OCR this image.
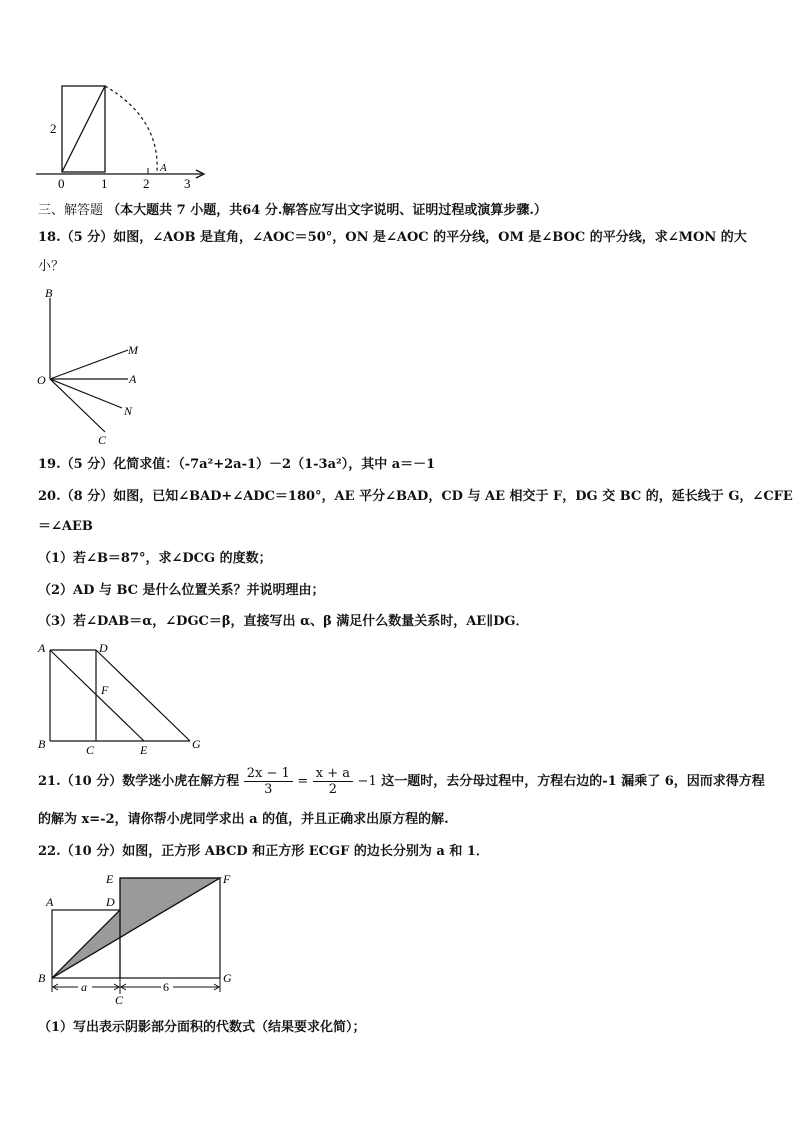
2
0	1	2	3
A
三、解答题 （本大题共 7 小题，共64 分.解答应写出文字说明、证明过程或演算步骤.）
18.（5 分）如图，∠AOB 是直角，∠AOC＝50°，ON 是∠AOC 的平分线，OM 是∠BOC 的平分线，求∠MON 的大
小？
B
M
O	A
N
C
19.（5 分）化简求值：（-7a²+2a-1）－2（1-3a²），其中 a＝－1
20.（8 分）如图，已知∠BAD+∠ADC＝180°，AE 平分∠BAD，CD 与 AE 相交于 F，DG 交 BC 的，延长线于 G，∠CFE
＝∠AEB
（1）若∠B＝87°，求∠DCG 的度数；
（2）AD 与 BC 是什么位置关系？并说明理由；
（3）若∠DAB＝α，∠DGC＝β，直接写出 α、β 满足什么数量关系时，AE∥DG．
A	D
F
B	C	E	G
21.（10 分）数学迷小虎在解方程 $\frac{2x - 1}{3} = \frac{x + a}{2} -1$ 这一题时，去分母过程中，方程右边的-1 漏乘了 6，因而求得方程
的解为 x=-2，请你帮小虎同学求出 a 的值，并且正确求出原方程的解.
22.（10 分）如图，正方形 ABCD 和正方形 ECGF 的边长分别为 a 和 1．
E	F
A	D
B	G
a	6
C
（1）写出表示阴影部分面积的代数式（结果要求化简）；
